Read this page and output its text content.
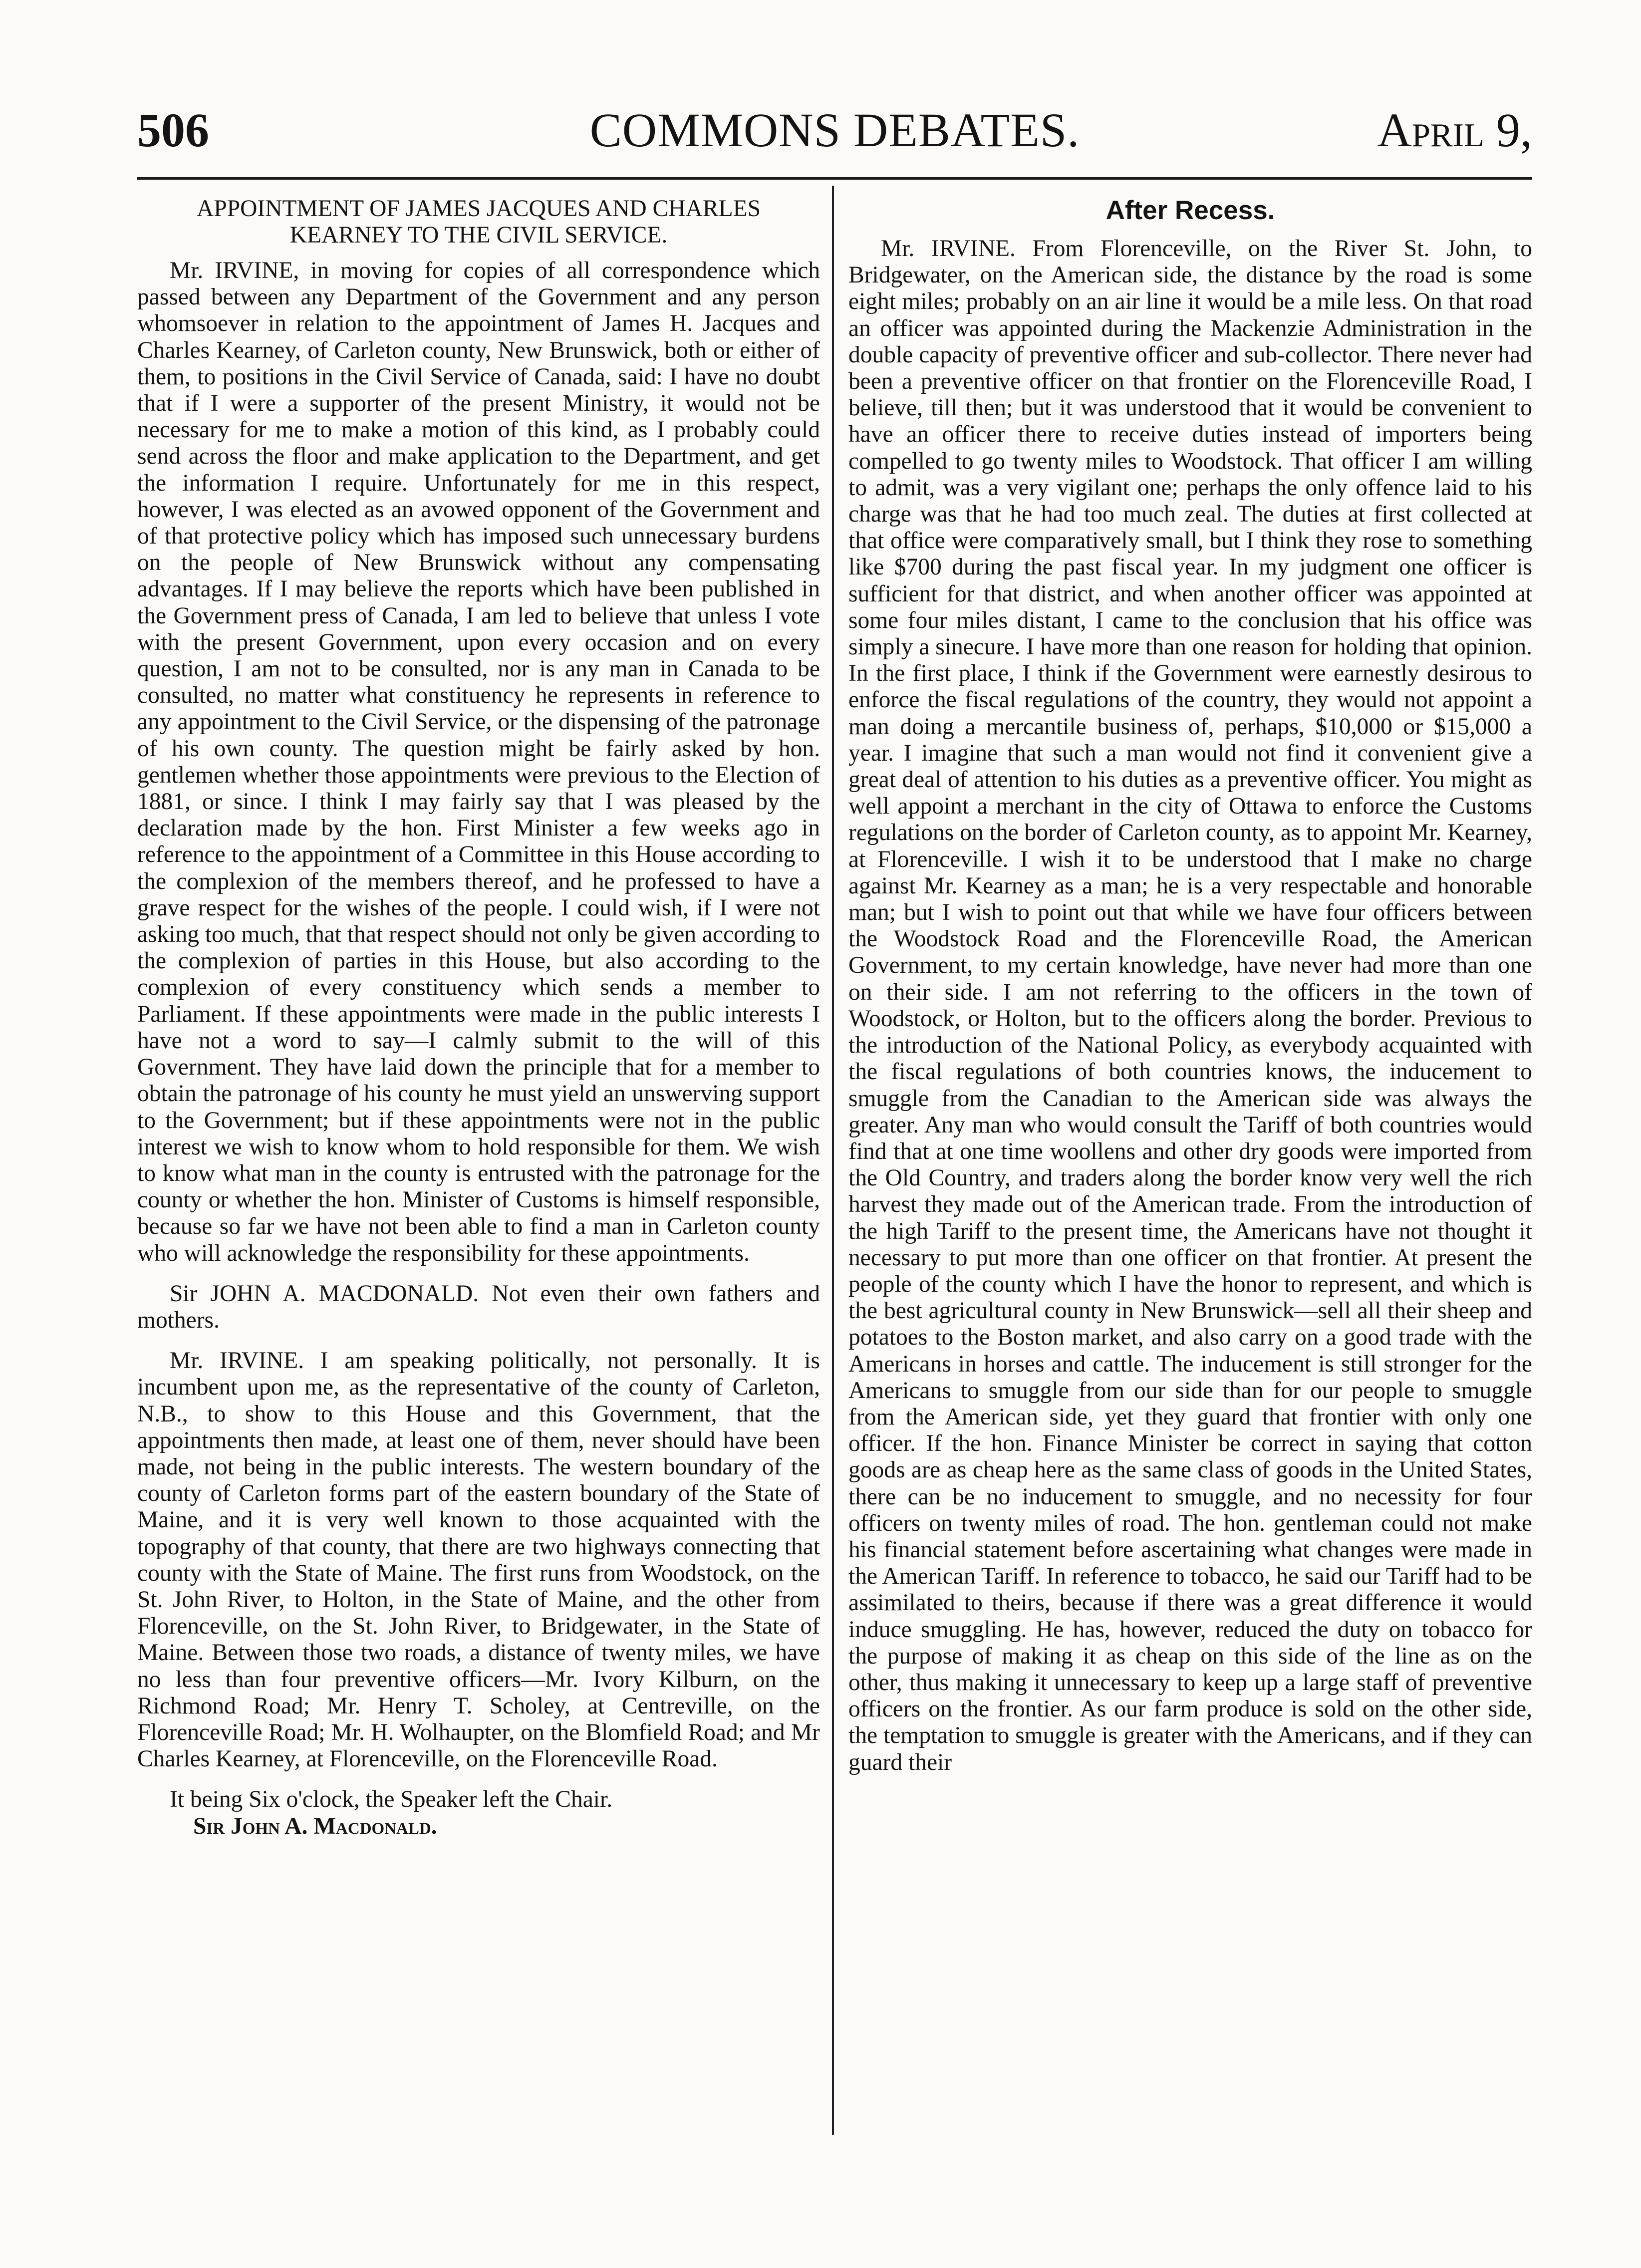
506	COMMONS DEBATES.	April 9,

APPOINTMENT OF JAMES JACQUES AND CHARLES KEARNEY TO THE CIVIL SERVICE.

Mr. IRVINE, in moving for copies of all correspondence which passed between any Department of the Government and any person whomsoever in relation to the appointment of James H. Jacques and Charles Kearney, of Carleton county, New Brunswick, both or either of them, to positions in the Civil Service of Canada, said: I have no doubt that if I were a supporter of the present Ministry, it would not be necessary for me to make a motion of this kind, as I probably could send across the floor and make application to the Department, and get the information I require. Unfortunately for me in this respect, however, I was elected as an avowed opponent of the Government and of that protective policy which has imposed such unnecessary burdens on the people of New Brunswick without any compensating advantages. If I may believe the reports which have been published in the Government press of Canada, I am led to believe that unless I vote with the present Government, upon every occasion and on every question, I am not to be consulted, nor is any man in Canada to be consulted, no matter what constituency he represents in reference to any appointment to the Civil Service, or the dispensing of the patronage of his own county. The question might be fairly asked by hon. gentlemen whether those appointments were previous to the Election of 1881, or since. I think I may fairly say that I was pleased by the declaration made by the hon. First Minister a few weeks ago in reference to the appointment of a Committee in this House according to the complexion of the members thereof, and he professed to have a grave respect for the wishes of the people. I could wish, if I were not asking too much, that that respect should not only be given according to the complexion of parties in this House, but also according to the complexion of every constituency which sends a member to Parliament. If these appointments were made in the public interests I have not a word to say—I calmly submit to the will of this Government. They have laid down the principle that for a member to obtain the patronage of his county he must yield an unswerving support to the Government; but if these appointments were not in the public interest we wish to know whom to hold responsible for them. We wish to know what man in the county is entrusted with the patronage for the county or whether the hon. Minister of Customs is himself responsible, because so far we have not been able to find a man in Carleton county who will acknowledge the responsibility for these appointments.

Sir JOHN A. MACDONALD. Not even their own fathers and mothers.

Mr. IRVINE. I am speaking politically, not personally. It is incumbent upon me, as the representative of the county of Carleton, N.B., to show to this House and this Government, that the appointments then made, at least one of them, never should have been made, not being in the public interests. The western boundary of the county of Carleton forms part of the eastern boundary of the State of Maine, and it is very well known to those acquainted with the topography of that county, that there are two highways connecting that county with the State of Maine. The first runs from Woodstock, on the St. John River, to Holton, in the State of Maine, and the other from Florenceville, on the St. John River, to Bridgewater, in the State of Maine. Between those two roads, a distance of twenty miles, we have no less than four preventive officers—Mr. Ivory Kilburn, on the Richmond Road; Mr. Henry T. Scholey, at Centreville, on the Florenceville Road; Mr. H. Wolhaupter, on the Blomfield Road; and Mr Charles Kearney, at Florenceville, on the Florenceville Road.

It being Six o'clock, the Speaker left the Chair.

Sir John A. Macdonald.

After Recess.

Mr. IRVINE. From Florenceville, on the River St. John, to Bridgewater, on the American side, the distance by the road is some eight miles; probably on an air line it would be a mile less. On that road an officer was appointed during the Mackenzie Administration in the double capacity of preventive officer and sub-collector. There never had been a preventive officer on that frontier on the Florenceville Road, I believe, till then; but it was understood that it would be convenient to have an officer there to receive duties instead of importers being compelled to go twenty miles to Woodstock. That officer I am willing to admit, was a very vigilant one; perhaps the only offence laid to his charge was that he had too much zeal. The duties at first collected at that office were comparatively small, but I think they rose to something like $700 during the past fiscal year. In my judgment one officer is sufficient for that district, and when another officer was appointed at some four miles distant, I came to the conclusion that his office was simply a sinecure. I have more than one reason for holding that opinion. In the first place, I think if the Government were earnestly desirous to enforce the fiscal regulations of the country, they would not appoint a man doing a mercantile business of, perhaps, $10,000 or $15,000 a year. I imagine that such a man would not find it convenient give a great deal of attention to his duties as a preventive officer. You might as well appoint a merchant in the city of Ottawa to enforce the Customs regulations on the border of Carleton county, as to appoint Mr. Kearney, at Florenceville. I wish it to be understood that I make no charge against Mr. Kearney as a man; he is a very respectable and honorable man; but I wish to point out that while we have four officers between the Woodstock Road and the Florenceville Road, the American Government, to my certain knowledge, have never had more than one on their side. I am not referring to the officers in the town of Woodstock, or Holton, but to the officers along the border. Previous to the introduction of the National Policy, as everybody acquainted with the fiscal regulations of both countries knows, the inducement to smuggle from the Canadian to the American side was always the greater. Any man who would consult the Tariff of both countries would find that at one time woollens and other dry goods were imported from the Old Country, and traders along the border know very well the rich harvest they made out of the American trade. From the introduction of the high Tariff to the present time, the Americans have not thought it necessary to put more than one officer on that frontier. At present the people of the county which I have the honor to represent, and which is the best agricultural county in New Brunswick—sell all their sheep and potatoes to the Boston market, and also carry on a good trade with the Americans in horses and cattle. The inducement is still stronger for the Americans to smuggle from our side than for our people to smuggle from the American side, yet they guard that frontier with only one officer. If the hon. Finance Minister be correct in saying that cotton goods are as cheap here as the same class of goods in the United States, there can be no inducement to smuggle, and no necessity for four officers on twenty miles of road. The hon. gentleman could not make his financial statement before ascertaining what changes were made in the American Tariff. In reference to tobacco, he said our Tariff had to be assimilated to theirs, because if there was a great difference it would induce smuggling. He has, however, reduced the duty on tobacco for the purpose of making it as cheap on this side of the line as on the other, thus making it unnecessary to keep up a large staff of preventive officers on the frontier. As our farm produce is sold on the other side, the temptation to smuggle is greater with the Americans, and if they can guard their
